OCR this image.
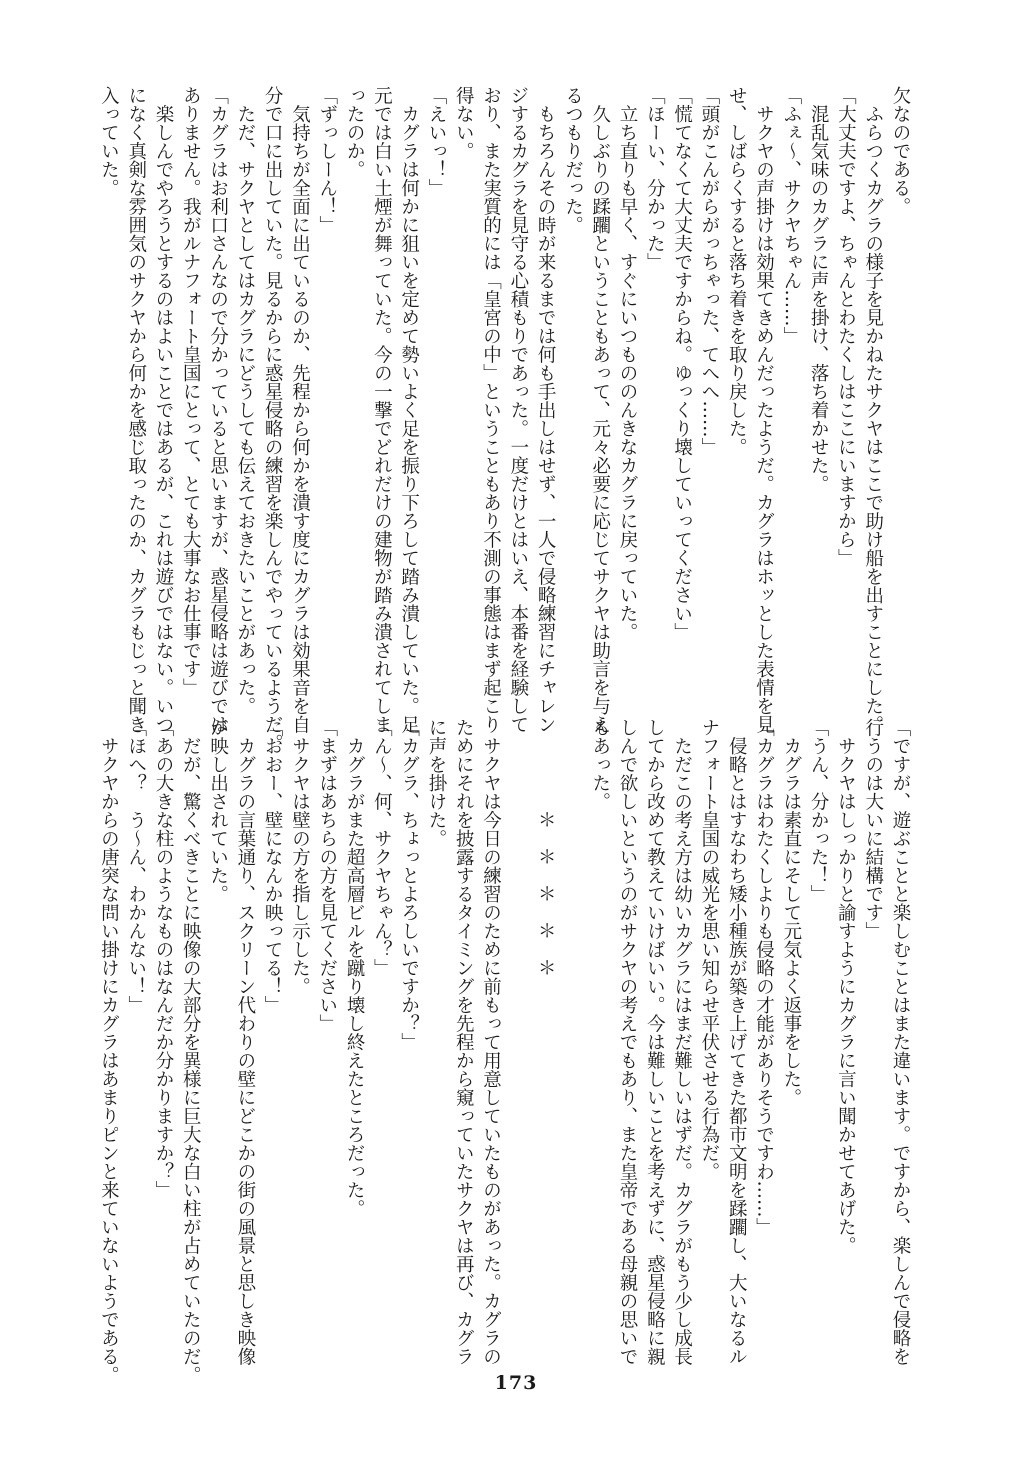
欠なのである。
　ふらつくカグラの様子を見かねたサクヤはここで助け船を出すことにした。
「大丈夫ですよ、ちゃんとわたくしはここにいますから」
　混乱気味のカグラに声を掛け、落ち着かせた。
「ふぇ～、サクヤちゃん……」
　サクヤの声掛けは効果てきめんだったようだ。カグラはホッとした表情を見
せ、しばらくすると落ち着きを取り戻した。
「頭がこんがらがっちゃった、てへへ……」
「慌てなくて大丈夫ですからね。ゆっくり壊していってください」
「ほーい、分かった」
　立ち直りも早く、すぐにいつもののんきなカグラに戻っていた。
　久しぶりの蹂躙ということもあって、元々必要に応じてサクヤは助言を与え
るつもりだった。
　もちろんその時が来るまでは何も手出しはせず、一人で侵略練習にチャレン
ジするカグラを見守る心積もりであった。一度だけとはいえ、本番を経験して
おり、また実質的には「皇宮の中」ということもあり不測の事態はまず起こり
得ない。
「えいっ！」
　カグラは何かに狙いを定めて勢いよく足を振り下ろして踏み潰していた。足
元では白い土煙が舞っていた。今の一撃でどれだけの建物が踏み潰されてしま
ったのか。
「ずっしーん！」
　気持ちが全面に出ているのか、先程から何かを潰す度にカグラは効果音を自
分で口に出していた。見るからに惑星侵略の練習を楽しんでやっているようだ。
　ただ、サクヤとしてはカグラにどうしても伝えておきたいことがあった。
「カグラはお利口さんなので分かっていると思いますが、惑星侵略は遊びでは
ありません。我がルナフォート皇国にとって、とても大事なお仕事です」
　楽しんでやろうとするのはよいことではあるが、これは遊びではない。いつ
になく真剣な雰囲気のサクヤから何かを感じ取ったのか、カグラもじっと聞き
入っていた。
「ですが、遊ぶことと楽しむことはまた違います。ですから、楽しんで侵略を
行うのは大いに結構です」
　サクヤはしっかりと諭すようにカグラに言い聞かせてあげた。
「うん、分かった！」
　カグラは素直にそして元気よく返事をした。
「カグラはわたくしよりも侵略の才能がありそうですわ……」
　侵略とはすなわち矮小種族が築き上げてきた都市文明を蹂躙し、大いなるル
ナフォート皇国の威光を思い知らせ平伏させる行為だ。
　ただこの考え方は幼いカグラにはまだ難しいはずだ。カグラがもう少し成長
してから改めて教えていけばいい。今は難しいことを考えずに、惑星侵略に親
しんで欲しいというのがサクヤの考えでもあり、また皇帝である母親の思いで
もあった。

　　　　　＊　＊　＊　＊　＊

　サクヤは今日の練習のために前もって用意していたものがあった。カグラの
ためにそれを披露するタイミングを先程から窺っていたサクヤは再び、カグラ
に声を掛けた。
「カグラ、ちょっとよろしいですか？」
「ん～、何、サクヤちゃん？」
　カグラがまた超高層ビルを蹴り壊し終えたところだった。
「まずはあちらの方を見てください」
　サクヤは壁の方を指し示した。
「おおー、壁になんか映ってる！」
　カグラの言葉通り、スクリーン代わりの壁にどこかの街の風景と思しき映像
が映し出されていた。
　だが、驚くべきことに映像の大部分を異様に巨大な白い柱が占めていたのだ。
「あの大きな柱のようなものはなんだか分かりますか？」
「ほへ？　う～ん、わかんない！」
　サクヤからの唐突な問い掛けにカグラはあまりピンと来ていないようである。	173
